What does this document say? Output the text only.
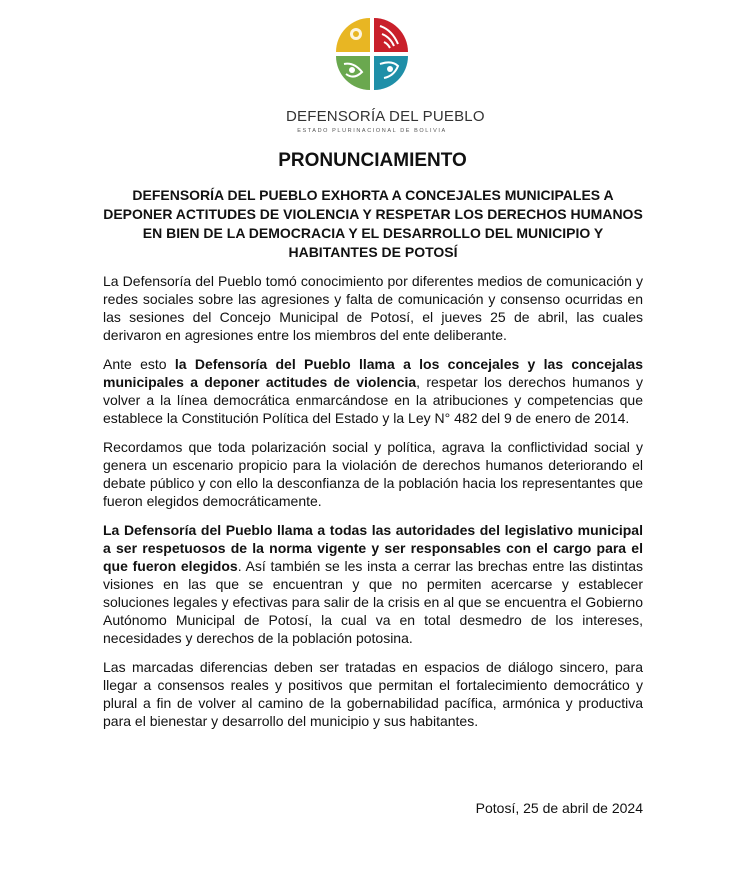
DEFENSORÍA DEL PUEBLO
ESTADO PLURINACIONAL DE BOLIVIA
PRONUNCIAMIENTO
DEFENSORÍA DEL PUEBLO EXHORTA A CONCEJALES MUNICIPALES A DEPONER ACTITUDES DE VIOLENCIA Y RESPETAR LOS DERECHOS HUMANOS EN BIEN DE LA DEMOCRACIA Y EL DESARROLLO DEL MUNICIPIO Y HABITANTES DE POTOSÍ

La Defensoría del Pueblo tomó conocimiento por diferentes medios de comunicación y redes sociales sobre las agresiones y falta de comunicación y consenso ocurridas en las sesiones del Concejo Municipal de Potosí, el jueves 25 de abril, las cuales derivaron en agresiones entre los miembros del ente deliberante.

Ante esto la Defensoría del Pueblo llama a los concejales y las concejalas municipales a deponer actitudes de violencia, respetar los derechos humanos y volver a la línea democrática enmarcándose en la atribuciones y competencias que establece la Constitución Política del Estado y la Ley N° 482 del 9 de enero de 2014.

Recordamos que toda polarización social y política, agrava la conflictividad social y genera un escenario propicio para la violación de derechos humanos deteriorando el debate público y con ello la desconfianza de la población hacia los representantes que fueron elegidos democráticamente.

La Defensoría del Pueblo llama a todas las autoridades del legislativo municipal a ser respetuosos de la norma vigente y ser responsables con el cargo para el que fueron elegidos. Así también se les insta a cerrar las brechas entre las distintas visiones en las que se encuentran y que no permiten acercarse y establecer soluciones legales y efectivas para salir de la crisis en al que se encuentra el Gobierno Autónomo Municipal de Potosí, la cual va en total desmedro de los intereses, necesidades y derechos de la población potosina.

Las marcadas diferencias deben ser tratadas en espacios de diálogo sincero, para llegar a consensos reales y positivos que permitan el fortalecimiento democrático y plural a fin de volver al camino de la gobernabilidad pacífica, armónica y productiva para el bienestar y desarrollo del municipio y sus habitantes.

Potosí, 25 de abril de 2024
